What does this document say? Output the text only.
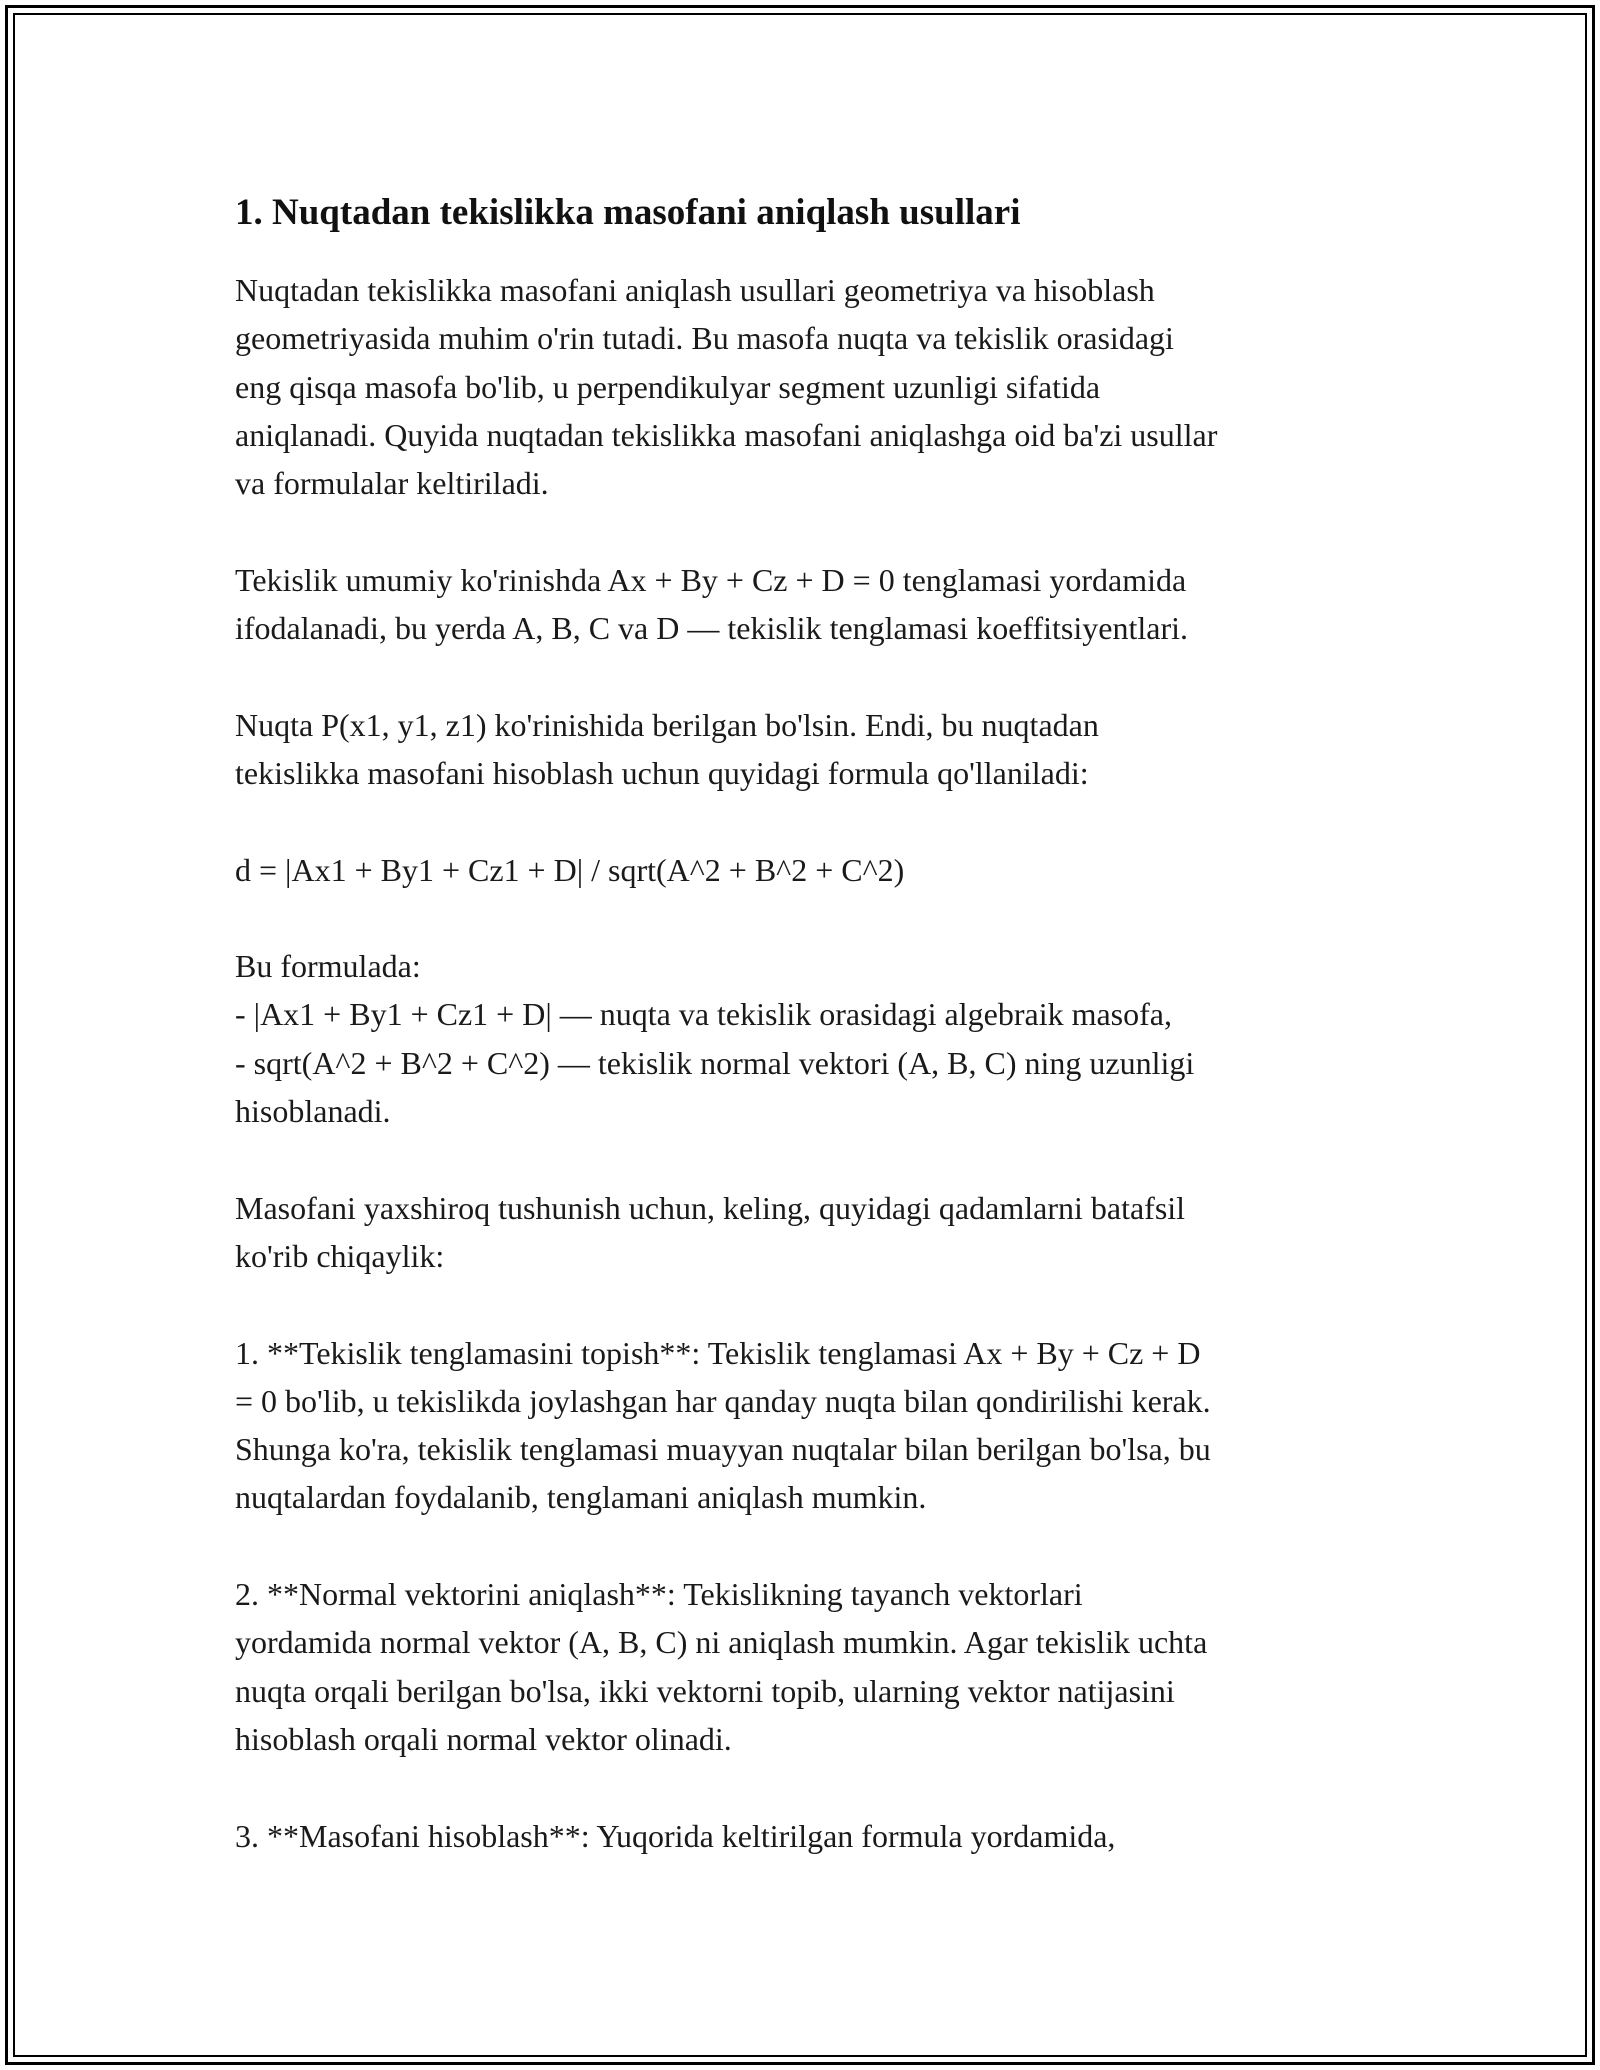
1. Nuqtadan tekislikka masofani aniqlash usullari

Nuqtadan tekislikka masofani aniqlash usullari geometriya va hisoblash
geometriyasida muhim o'rin tutadi. Bu masofa nuqta va tekislik orasidagi
eng qisqa masofa bo'lib, u perpendikulyar segment uzunligi sifatida
aniqlanadi. Quyida nuqtadan tekislikka masofani aniqlashga oid ba'zi usullar
va formulalar keltiriladi.

Tekislik umumiy ko'rinishda Ax + By + Cz + D = 0 tenglamasi yordamida
ifodalanadi, bu yerda A, B, C va D — tekislik tenglamasi koeffitsiyentlari.

Nuqta P(x1, y1, z1) ko'rinishida berilgan bo'lsin. Endi, bu nuqtadan
tekislikka masofani hisoblash uchun quyidagi formula qo'llaniladi:

d = |Ax1 + By1 + Cz1 + D| / sqrt(A^2 + B^2 + C^2)

Bu formulada:
- |Ax1 + By1 + Cz1 + D| — nuqta va tekislik orasidagi algebraik masofa,
- sqrt(A^2 + B^2 + C^2) — tekislik normal vektori (A, B, C) ning uzunligi
hisoblanadi.

Masofani yaxshiroq tushunish uchun, keling, quyidagi qadamlarni batafsil
ko'rib chiqaylik:

1. **Tekislik tenglamasini topish**: Tekislik tenglamasi Ax + By + Cz + D
= 0 bo'lib, u tekislikda joylashgan har qanday nuqta bilan qondirilishi kerak.
Shunga ko'ra, tekislik tenglamasi muayyan nuqtalar bilan berilgan bo'lsa, bu
nuqtalardan foydalanib, tenglamani aniqlash mumkin.

2. **Normal vektorini aniqlash**: Tekislikning tayanch vektorlari
yordamida normal vektor (A, B, C) ni aniqlash mumkin. Agar tekislik uchta
nuqta orqali berilgan bo'lsa, ikki vektorni topib, ularning vektor natijasini
hisoblash orqali normal vektor olinadi.

3. **Masofani hisoblash**: Yuqorida keltirilgan formula yordamida,
